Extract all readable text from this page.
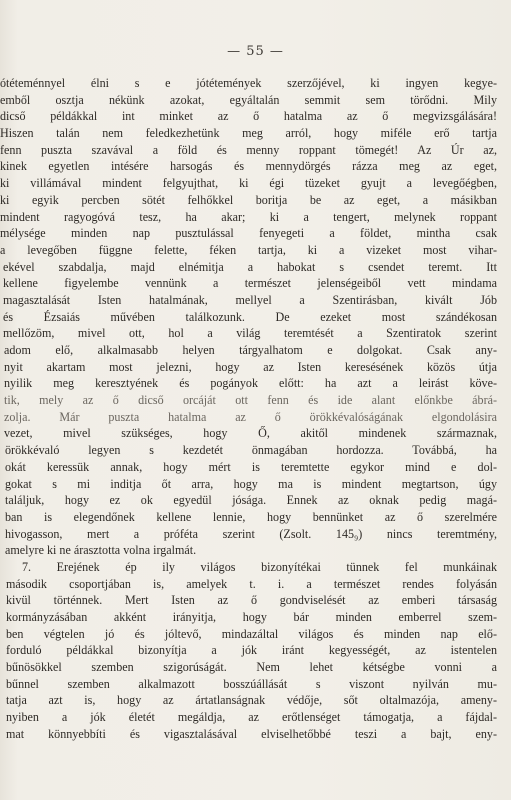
— 55 —
ótéteménnyel élni s e jótétemények szerzőjével, ki ingyen kegye-
emből osztja nékünk azokat, egyáltalán semmit sem törődni. Mily
dicső példákkal int minket az ő hatalma az ő megvizsgálására!
Hiszen talán nem feledkezhetünk meg arról, hogy miféle erő tartja
fenn puszta szavával a föld és menny roppant tömegét! Az Úr az,
kinek egyetlen intésére harsogás és mennydörgés rázza meg az eget,
ki villámával mindent felgyujthat, ki égi tüzeket gyujt a levegőégben,
ki egyik percben sötét felhőkkel boritja be az eget, a másikban
mindent ragyogóvá tesz, ha akar; ki a tengert, melynek roppant
mélysége minden nap pusztulással fenyegeti a földet, mintha csak
a levegőben függne felette, féken tartja, ki a vizeket most vihar-
ekével szabdalja, majd elnémitja a habokat s csendet teremt. Itt
kellene figyelembe vennünk a természet jelenségeiből vett mindama
magasztalását Isten hatalmának, mellyel a Szentirásban, kivált Jób
és Ézsaiás művében találkozunk. De ezeket most szándékosan
mellőzöm, mivel ott, hol a világ teremtését a Szentiratok szerint
adom elő, alkalmasabb helyen tárgyalhatom e dolgokat. Csak any-
nyit akartam most jelezni, hogy az Isten keresésének közös útja
nyilik meg keresztyének és pogányok előtt: ha azt a leirást köve-
tik, mely az ő dicső orcáját ott fenn és ide alant előnkbe ábrá-
zolja. Már puszta hatalma az ő örökkévalóságának elgondolásira
vezet, mivel szükséges, hogy Ő, akitől mindenek származnak,
örökkévaló legyen s kezdetét önmagában hordozza. Továbbá, ha
okát keressük annak, hogy mért is teremtette egykor mind e dol-
gokat s mi inditja őt arra, hogy ma is mindent megtartson, úgy
találjuk, hogy ez ok egyedül jósága. Ennek az oknak pedig magá-
ban is elegendőnek kellene lennie, hogy bennünket az ő szerelmére
hivogasson, mert a próféta szerint (Zsolt. 145₉) nincs teremtmény,
amelyre ki ne árasztotta volna irgalmát.
7. Erejének ép ily világos bizonyítékai tünnek fel munkáinak
második csoportjában is, amelyek t. i. a természet rendes folyásán
kivül történnek. Mert Isten az ő gondviselését az emberi társaság
kormányzásában akként irányitja, hogy bár minden emberrel szem-
ben végtelen jó és jóltevő, mindazáltal világos és minden nap elő-
forduló példákkal bizonyítja a jók iránt kegyességét, az istentelen
bűnösökkel szemben szigorúságát. Nem lehet kétségbe vonni a
bűnnel szemben alkalmazott bosszúállását s viszont nyilván mu-
tatja azt is, hogy az ártatlanságnak védője, sőt oltalmazója, ameny-
nyiben a jók életét megáldja, az erőtlenséget támogatja, a fájdal-
mat könnyebbíti és vigasztalásával elviselhetőbbé teszi a bajt, eny-
